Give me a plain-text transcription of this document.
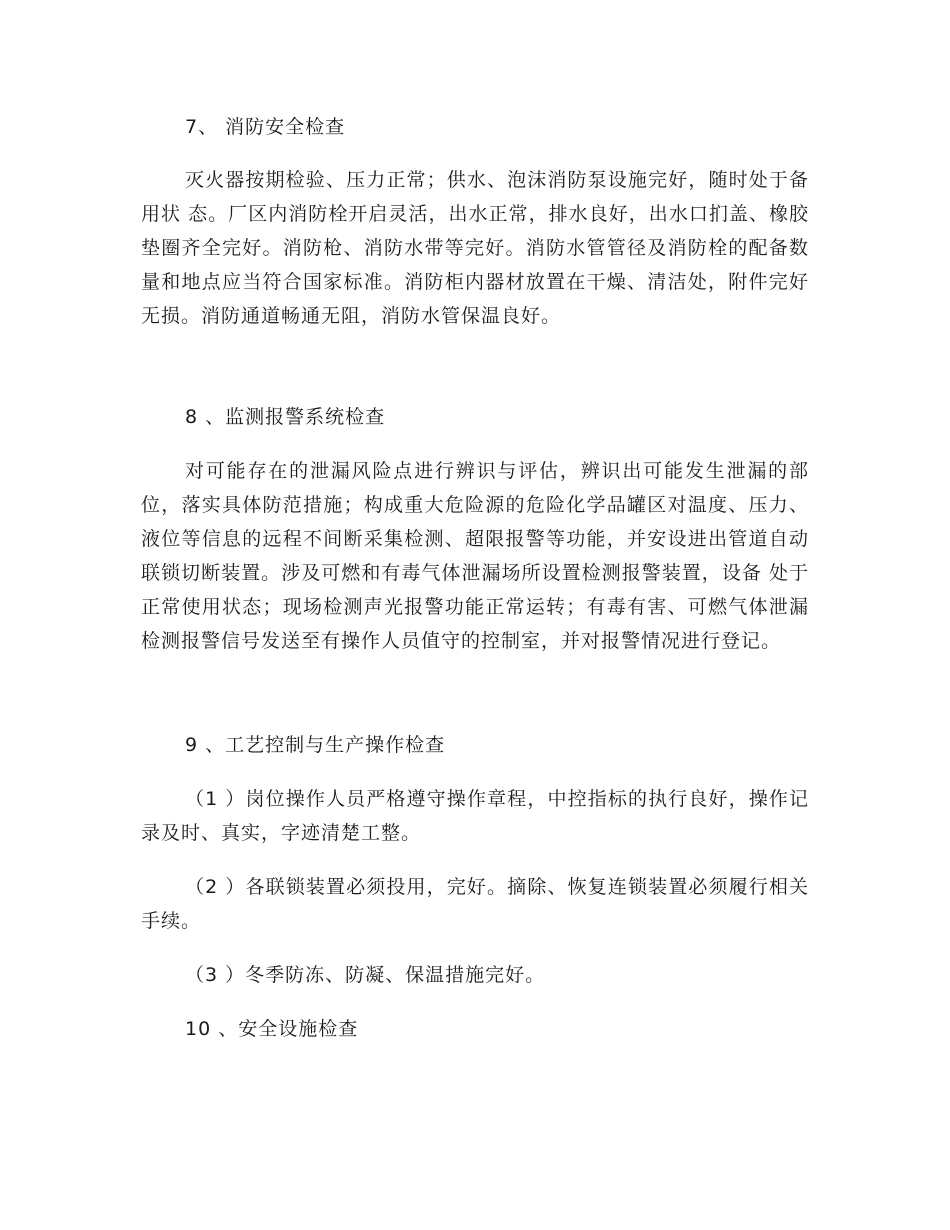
7、 消防安全检查

灭火器按期检验、压力正常；供水、泡沫消防泵设施完好，随时处于备用状 态。厂区内消防栓开启灵活，出水正常，排水良好，出水口扪盖、橡胶垫圈齐全完好。消防枪、消防水带等完好。消防水管管径及消防栓的配备数量和地点应当符合国家标准。消防柜内器材放置在干燥、清洁处，附件完好无损。消防通道畅通无阻，消防水管保温良好。

8 、监测报警系统检查

对可能存在的泄漏风险点进行辨识与评估，辨识出可能发生泄漏的部位，落实具体防范措施；构成重大危险源的危险化学品罐区对温度、压力、液位等信息的远程不间断采集检测、超限报警等功能，并安设进出管道自动联锁切断装置。涉及可燃和有毒气体泄漏场所设置检测报警装置，设备 处于正常使用状态；现场检测声光报警功能正常运转；有毒有害、可燃气体泄漏检测报警信号发送至有操作人员值守的控制室，并对报警情况进行登记。

9 、工艺控制与生产操作检查

（1 ）岗位操作人员严格遵守操作章程，中控指标的执行良好，操作记录及时、真实，字迹清楚工整。

（2 ）各联锁装置必须投用，完好。摘除、恢复连锁装置必须履行相关手续。

（3 ）冬季防冻、防凝、保温措施完好。

10 、安全设施检查
